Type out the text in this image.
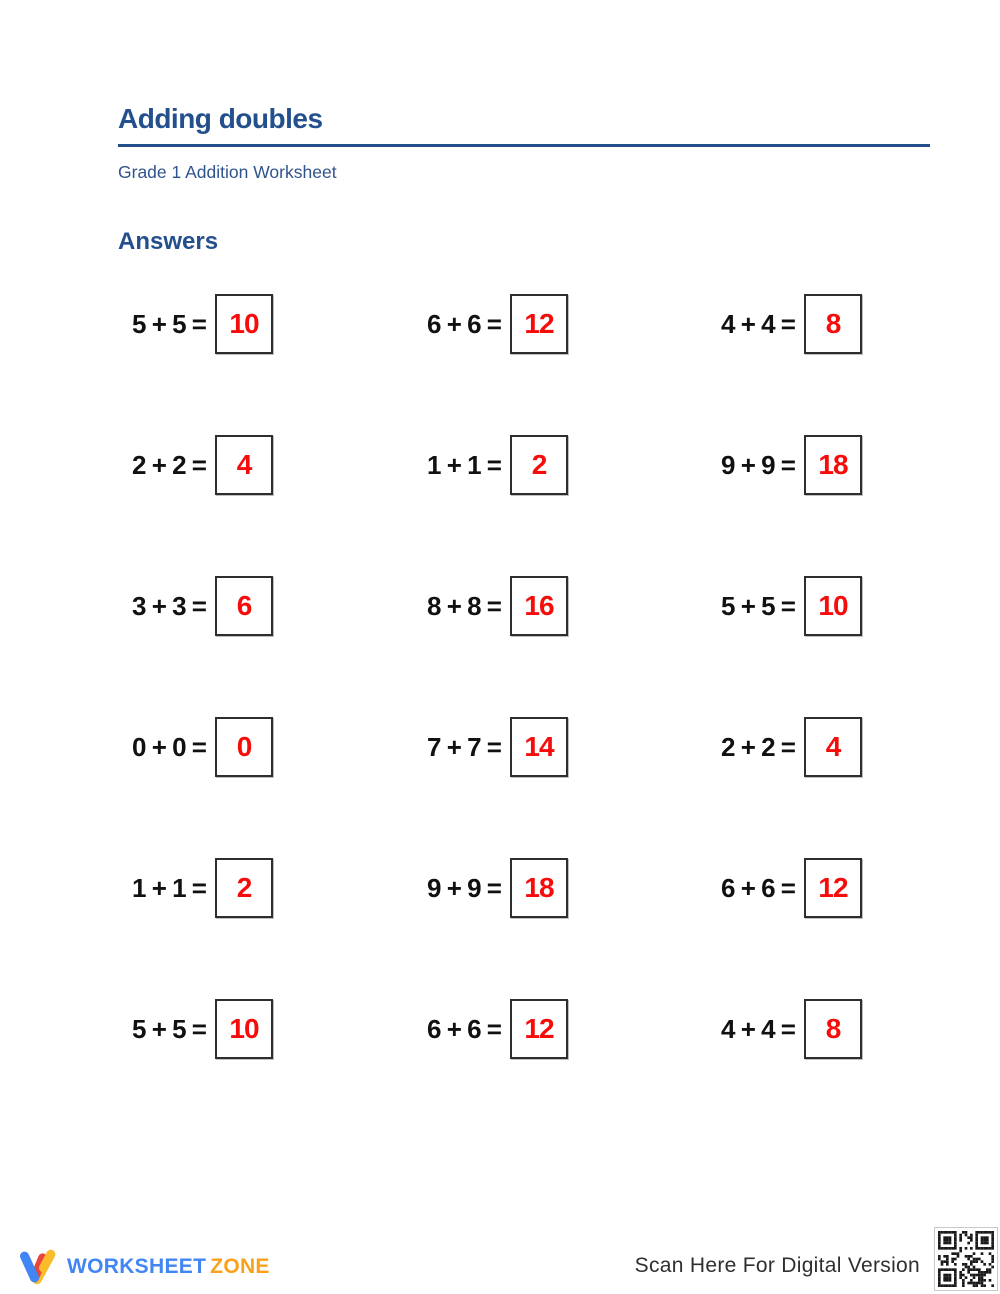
Adding doubles
Grade 1 Addition Worksheet
Answers
5 + 5 = 10	6 + 6 = 12	4 + 4 = 8
2 + 2 = 4	1 + 1 = 2	9 + 9 = 18
3 + 3 = 6	8 + 8 = 16	5 + 5 = 10
0 + 0 = 0	7 + 7 = 14	2 + 2 = 4
1 + 1 = 2	9 + 9 = 18	6 + 6 = 12
5 + 5 = 10	6 + 6 = 12	4 + 4 = 8
WORKSHEET ZONE	Scan Here For Digital Version
